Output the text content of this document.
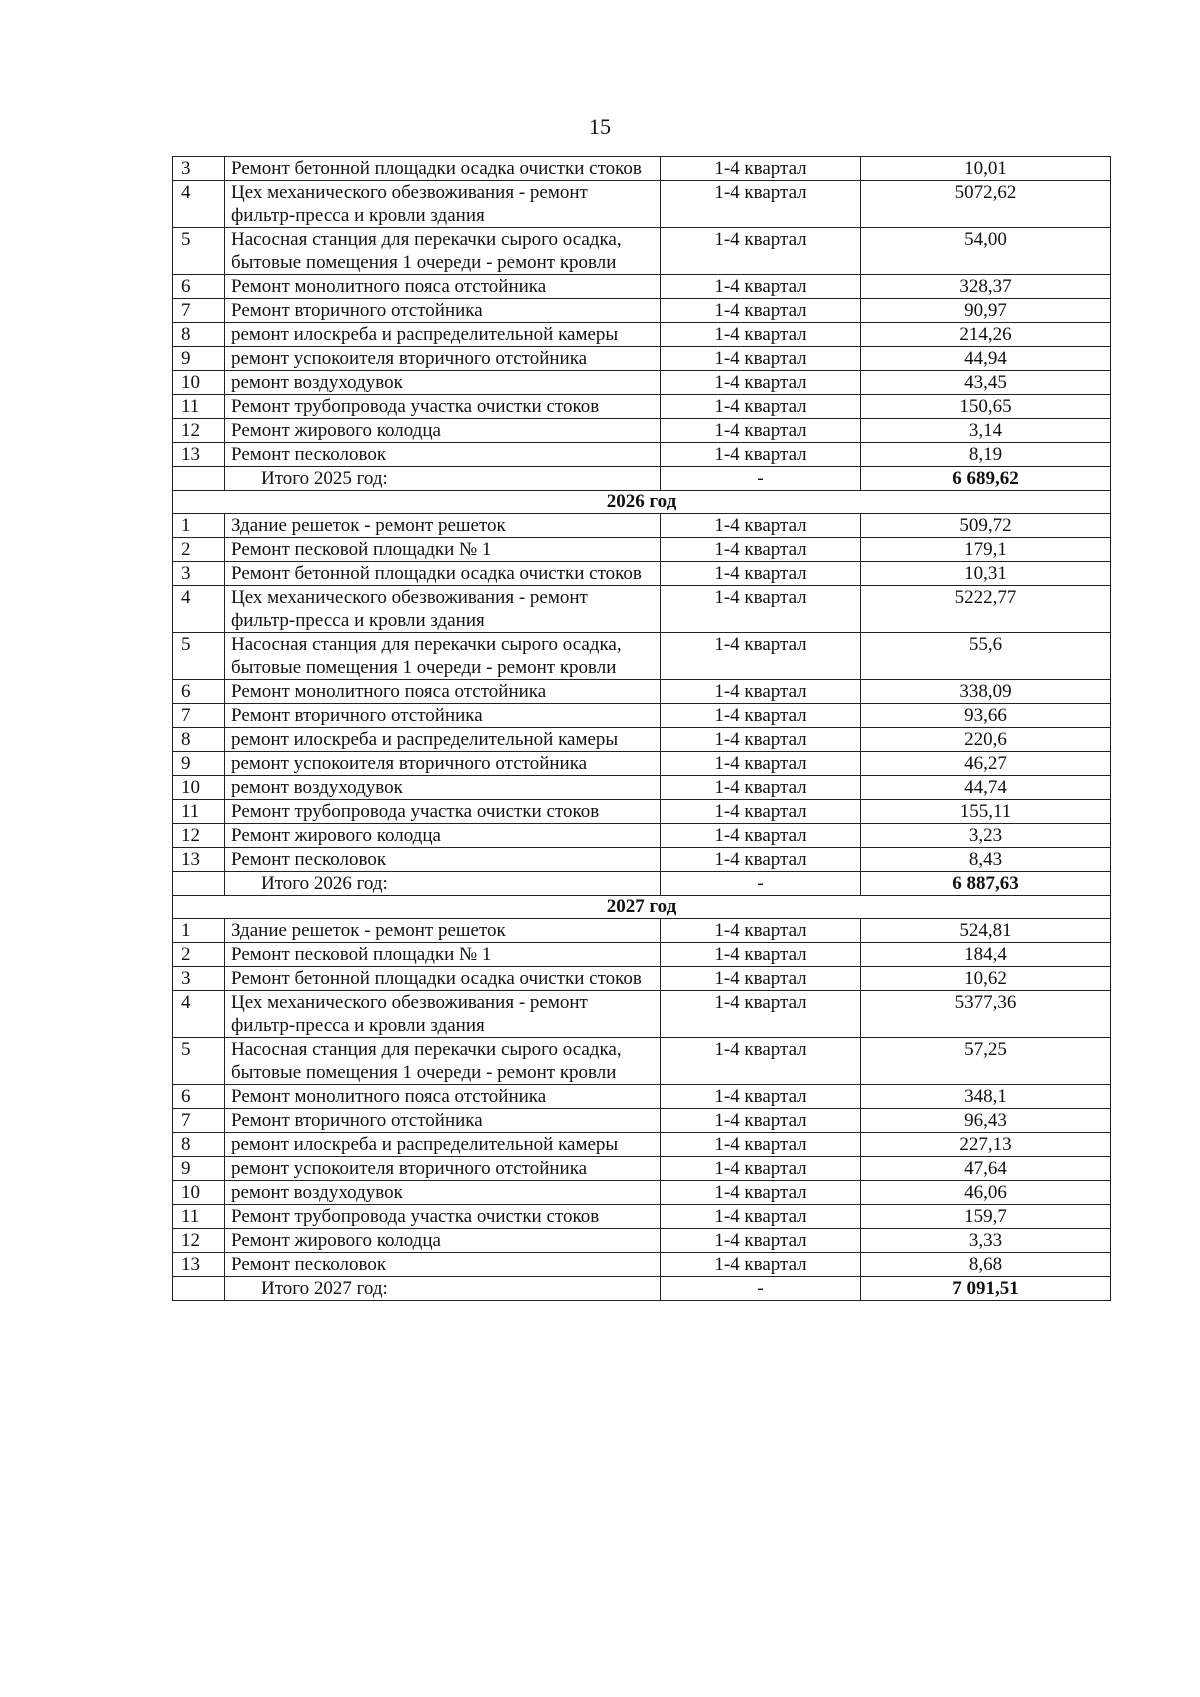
15
3	Ремонт бетонной площадки осадка очистки стоков	1-4 квартал	10,01
4	Цех механического обезвоживания - ремонт фильтр-пресса и кровли здания	1-4 квартал	5072,62
5	Насосная станция для перекачки сырого осадка, бытовые помещения 1 очереди - ремонт кровли	1-4 квартал	54,00
6	Ремонт монолитного пояса отстойника	1-4 квартал	328,37
7	Ремонт вторичного отстойника	1-4 квартал	90,97
8	ремонт илоскреба и распределительной камеры	1-4 квартал	214,26
9	ремонт успокоителя вторичного отстойника	1-4 квартал	44,94
10	ремонт воздуходувок	1-4 квартал	43,45
11	Ремонт трубопровода участка очистки стоков	1-4 квартал	150,65
12	Ремонт жирового колодца	1-4 квартал	3,14
13	Ремонт песколовок	1-4 квартал	8,19
	Итого 2025 год:	-	6 689,62
2026 год			
1	Здание решеток - ремонт решеток	1-4 квартал	509,72
2	Ремонт песковой площадки № 1	1-4 квартал	179,1
3	Ремонт бетонной площадки осадка очистки стоков	1-4 квартал	10,31
4	Цех механического обезвоживания - ремонт фильтр-пресса и кровли здания	1-4 квартал	5222,77
5	Насосная станция для перекачки сырого осадка, бытовые помещения 1 очереди - ремонт кровли	1-4 квартал	55,6
6	Ремонт монолитного пояса отстойника	1-4 квартал	338,09
7	Ремонт вторичного отстойника	1-4 квартал	93,66
8	ремонт илоскреба и распределительной камеры	1-4 квартал	220,6
9	ремонт успокоителя вторичного отстойника	1-4 квартал	46,27
10	ремонт воздуходувок	1-4 квартал	44,74
11	Ремонт трубопровода участка очистки стоков	1-4 квартал	155,11
12	Ремонт жирового колодца	1-4 квартал	3,23
13	Ремонт песколовок	1-4 квартал	8,43
	Итого 2026 год:	-	6 887,63
2027 год			
1	Здание решеток - ремонт решеток	1-4 квартал	524,81
2	Ремонт песковой площадки № 1	1-4 квартал	184,4
3	Ремонт бетонной площадки осадка очистки стоков	1-4 квартал	10,62
4	Цех механического обезвоживания - ремонт фильтр-пресса и кровли здания	1-4 квартал	5377,36
5	Насосная станция для перекачки сырого осадка, бытовые помещения 1 очереди - ремонт кровли	1-4 квартал	57,25
6	Ремонт монолитного пояса отстойника	1-4 квартал	348,1
7	Ремонт вторичного отстойника	1-4 квартал	96,43
8	ремонт илоскреба и распределительной камеры	1-4 квартал	227,13
9	ремонт успокоителя вторичного отстойника	1-4 квартал	47,64
10	ремонт воздуходувок	1-4 квартал	46,06
11	Ремонт трубопровода участка очистки стоков	1-4 квартал	159,7
12	Ремонт жирового колодца	1-4 квартал	3,33
13	Ремонт песколовок	1-4 квартал	8,68
	Итого 2027 год:	-	7 091,51
